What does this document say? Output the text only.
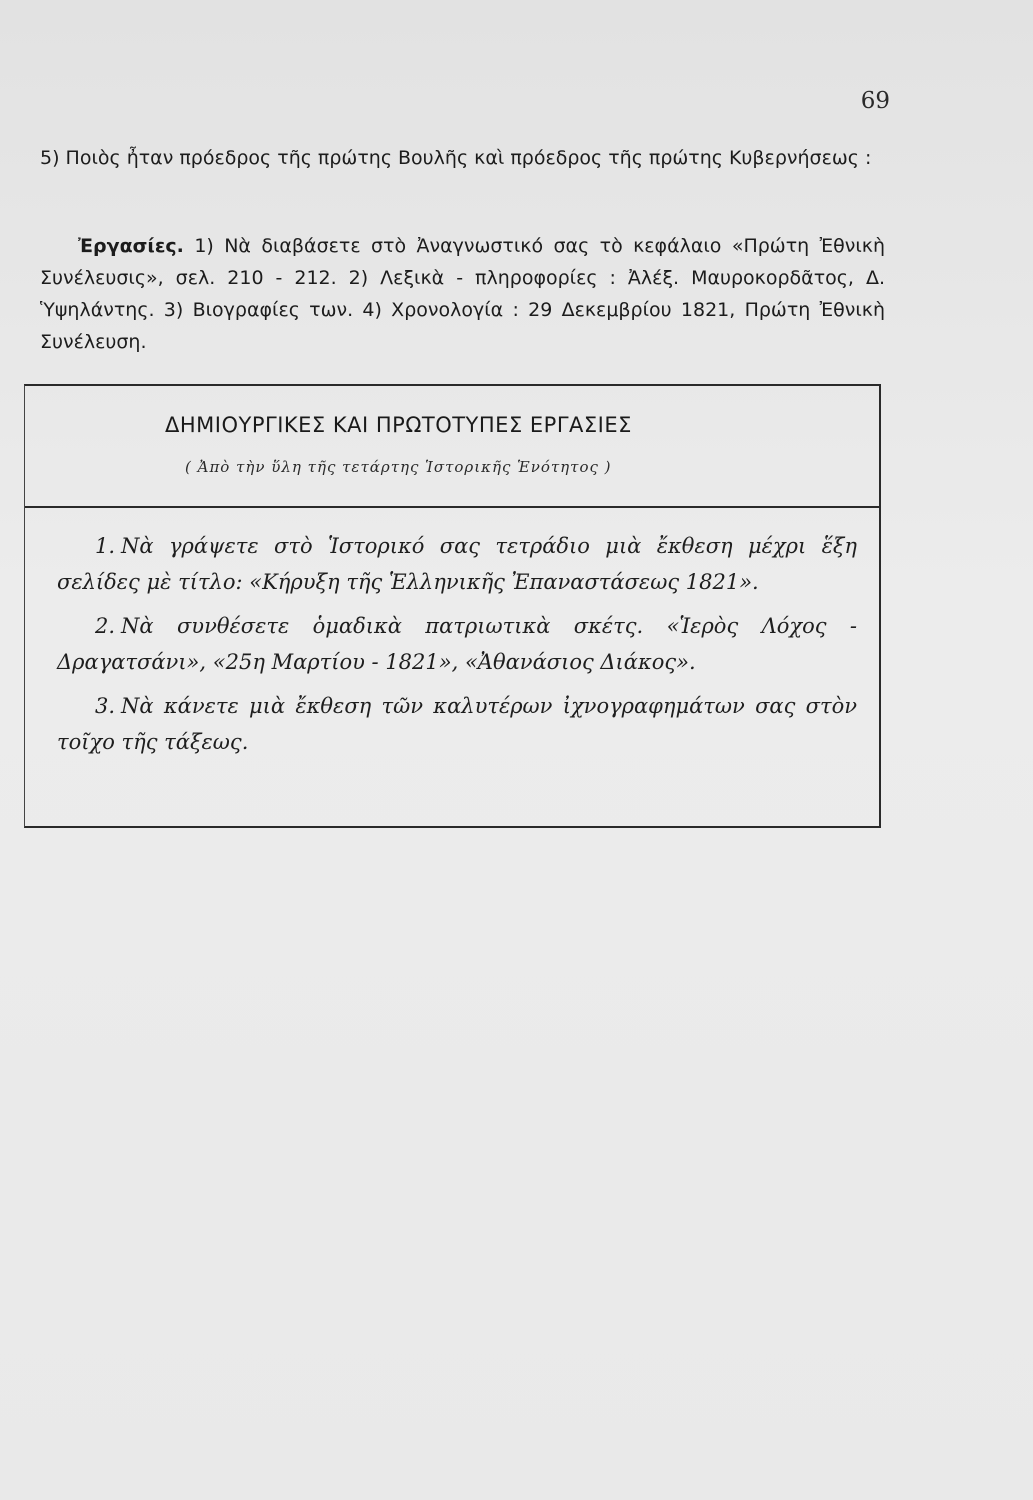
69
5) Ποιὸς ἦταν πρόεδρος τῆς πρώτης Βουλῆς καὶ πρόεδρος τῆς πρώτης Κυβερνήσεως :
Ἐργασίες. 1) Νὰ διαβάσετε στὸ Ἀναγνωστικό σας τὸ κεφάλαιο «Πρώτη Ἐθνικὴ Συνέλευσις», σελ. 210 - 212. 2) Λεξικὰ - πληροφορίες : Ἀλέξ. Μαυροκορδᾶτος, Δ. Ὑψηλάντης. 3) Βιογραφίες των. 4) Χρονολογία : 29 Δεκεμβρίου 1821, Πρώτη Ἐθνικὴ Συνέλευση.
ΔΗΜΙΟΥΡΓΙΚΕΣ ΚΑΙ ΠΡΩΤΟΤΥΠΕΣ ΕΡΓΑΣΙΕΣ
( Ἀπὸ τὴν ὕλη τῆς τετάρτης Ἱστορικῆς Ἑνότητος )

1. Νὰ γράψετε στὸ Ἱστορικό σας τετράδιο μιὰ ἔκθεση μέχρι ἕξη σελίδες μὲ τίτλο: «Κήρυξη τῆς Ἑλληνικῆς Ἐπαναστάσεως 1821».

2. Νὰ συνθέσετε ὁμαδικὰ πατριωτικὰ σκέτς. «Ἱερὸς Λόχος - Δραγατσάνι», «25η Μαρτίου - 1821», «Ἀθανάσιος Διάκος».

3. Νὰ κάνετε μιὰ ἔκθεση τῶν καλυτέρων ἰχνογραφημάτων σας στὸν τοῖχο τῆς τάξεως.
